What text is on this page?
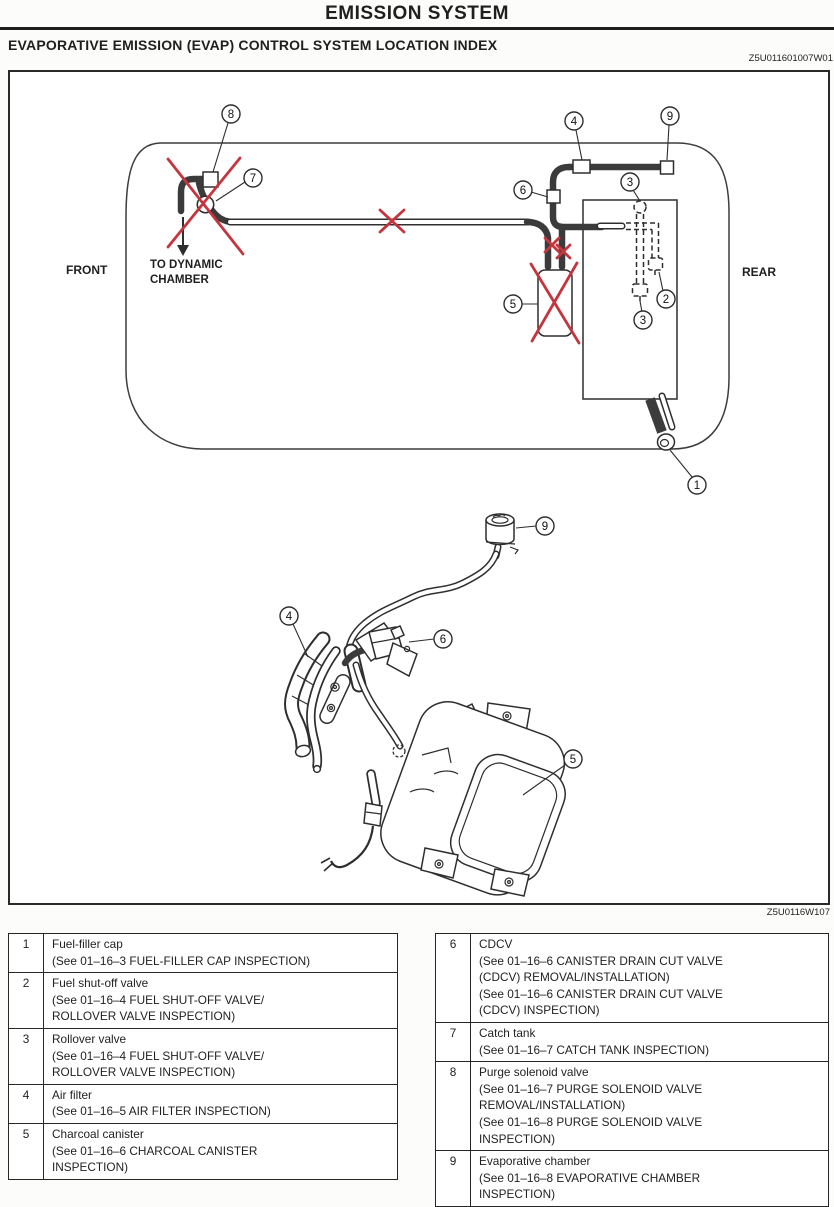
EMISSION SYSTEM
EVAPORATIVE EMISSION (EVAP) CONTROL SYSTEM LOCATION INDEX
Z5U011601007W01
FRONT	REAR
TO DYNAMIC
CHAMBER
8
7
4	9
6
3
2
3
5
1
9
4
6
5
Z5U0116W107
1	Fuel-filler cap
(See 01–16–3 FUEL-FILLER CAP INSPECTION)

2	Fuel shut-off valve
(See 01–16–4 FUEL SHUT-OFF VALVE/
ROLLOVER VALVE INSPECTION)

3	Rollover valve
(See 01–16–4 FUEL SHUT-OFF VALVE/
ROLLOVER VALVE INSPECTION)

4	Air filter
(See 01–16–5 AIR FILTER INSPECTION)

5	Charcoal canister
(See 01–16–6 CHARCOAL CANISTER
INSPECTION)
6	CDCV
(See 01–16–6 CANISTER DRAIN CUT VALVE
(CDCV) REMOVAL/INSTALLATION)
(See 01–16–6 CANISTER DRAIN CUT VALVE
(CDCV) INSPECTION)

7	Catch tank
(See 01–16–7 CATCH TANK INSPECTION)

8	Purge solenoid valve
(See 01–16–7 PURGE SOLENOID VALVE
REMOVAL/INSTALLATION)
(See 01–16–8 PURGE SOLENOID VALVE
INSPECTION)

9	Evaporative chamber
(See 01–16–8 EVAPORATIVE CHAMBER
INSPECTION)
